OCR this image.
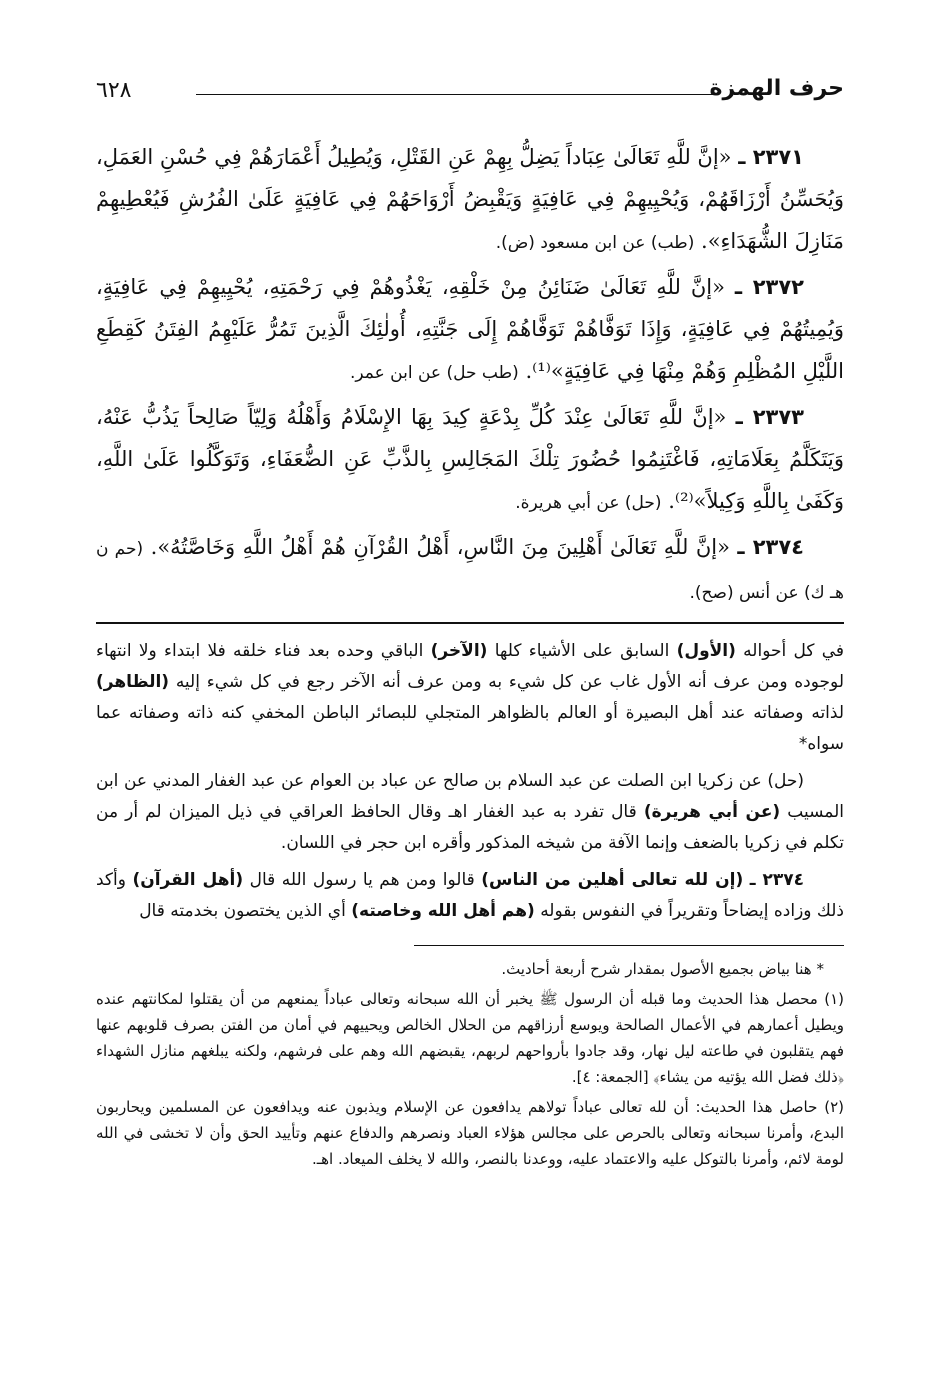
حرف الهمزة
٦٢٨

٢٣٧١ ـ «إنَّ للَّهِ تَعَالَىٰ عِبَاداً يَضِلُّ بِهِمْ عَنِ القَتْلِ، وَيُطِيلُ أَعْمَارَهُمْ فِي حُسْنِ العَمَلِ، وَيُحَسِّنُ أَرْزَاقَهُمْ، وَيُحْيِيهِمْ فِي عَافِيَةٍ وَيَقْبِضُ أَرْوَاحَهُمْ فِي عَافِيَةٍ عَلَىٰ الفُرُشِ فَيُعْطِيهِمْ مَنَازِلَ الشُّهَدَاءِ». (طب) عن ابن مسعود (ض).

٢٣٧٢ ـ «إنَّ للَّهِ تَعَالَىٰ ضَنَائِنُ مِنْ خَلْقِهِ، يَغْذُوهُمْ فِي رَحْمَتِهِ، يُحْيِيهِمْ فِي عَافِيَةٍ، وَيُمِيتُهُمْ فِي عَافِيَةٍ، وَإِذَا تَوَفَّاهُمْ تَوَفَّاهُمْ إِلَى جَنَّتِهِ، أُولٰئِكَ الَّذِينَ تَمُرُّ عَلَيْهِمُ الفِتَنُ كَقِطَعِ اللَّيْلِ المُظْلِمِ وَهُمْ مِنْهَا فِي عَافِيَةٍ»⁽¹⁾. (طب حل) عن ابن عمر.

٢٣٧٣ ـ «إنَّ للَّهِ تَعَالَىٰ عِنْدَ كُلِّ بِدْعَةٍ كِيدَ بِهَا الإِسْلَامُ وَأَهْلُهُ وَلِيّاً صَالِحاً يَذُبُّ عَنْهُ، وَيَتَكَلَّمُ بِعَلَامَاتِهِ، فَاغْتَنِمُوا حُضُورَ تِلْكَ المَجَالِسِ بِالذَّبِّ عَنِ الضُّعَفَاءِ، وَتَوَكَّلُوا عَلَىٰ اللَّهِ، وَكَفَىٰ بِاللَّهِ وَكِيلاً»⁽²⁾. (حل) عن أبي هريرة.

٢٣٧٤ ـ «إنَّ للَّهِ تَعَالَىٰ أَهْلِينَ مِنَ النَّاسِ، أَهْلُ القُرْآنِ هُمْ أَهْلُ اللَّهِ وَخَاصَّتُهُ». (حم ن هـ ك) عن أنس (صح).

في كل أحواله (الأول) السابق على الأشياء كلها (الآخر) الباقي وحده بعد فناء خلقه فلا ابتداء ولا انتهاء لوجوده ومن عرف أنه الأول غاب عن كل شيء به ومن عرف أنه الآخر رجع في كل شيء إليه (الظاهر) لذاته وصفاته عند أهل البصيرة أو العالم بالظواهر المتجلي للبصائر الباطن المخفي كنه ذاته وصفاته عما سواه*

(حل) عن زكريا ابن الصلت عن عبد السلام بن صالح عن عباد بن العوام عن عبد الغفار المدني عن ابن المسيب (عن أبي هريرة) قال تفرد به عبد الغفار اهـ وقال الحافظ العراقي في ذيل الميزان لم أر من تكلم في زكريا بالضعف وإنما الآفة من شيخه المذكور وأقره ابن حجر في اللسان.

٢٣٧٤ ـ (إن لله تعالى أهلين من الناس) قالوا ومن هم يا رسول الله قال (أهل القرآن) وأكد ذلك وزاده إيضاحاً وتقريراً في النفوس بقوله (هم أهل الله وخاصته) أي الذين يختصون بخدمته قال

* هنا بياض بجميع الأصول بمقدار شرح أربعة أحاديث.

(١) محصل هذا الحديث وما قبله أن الرسول ﷺ يخبر أن الله سبحانه وتعالى عباداً يمنعهم من أن يقتلوا لمكانتهم عنده ويطيل أعمارهم في الأعمال الصالحة ويوسع أرزاقهم من الحلال الخالص ويحييهم في أمان من الفتن بصرف قلوبهم عنها فهم يتقلبون في طاعته ليل نهار، وقد جادوا بأرواحهم لربهم، يقبضهم الله وهم على فرشهم، ولكنه يبلغهم منازل الشهداء ﴿ذلك فضل الله يؤتيه من يشاء﴾ [الجمعة: ٤].

(٢) حاصل هذا الحديث: أن لله تعالى عباداً تولاهم يدافعون عن الإسلام ويذبون عنه ويدافعون عن المسلمين ويحاربون البدع، وأمرنا سبحانه وتعالى بالحرص على مجالس هؤلاء العباد ونصرهم والدفاع عنهم وتأييد الحق وأن لا تخشى في الله لومة لائم، وأمرنا بالتوكل عليه والاعتماد عليه، ووعدنا بالنصر، والله لا يخلف الميعاد. اهـ.
